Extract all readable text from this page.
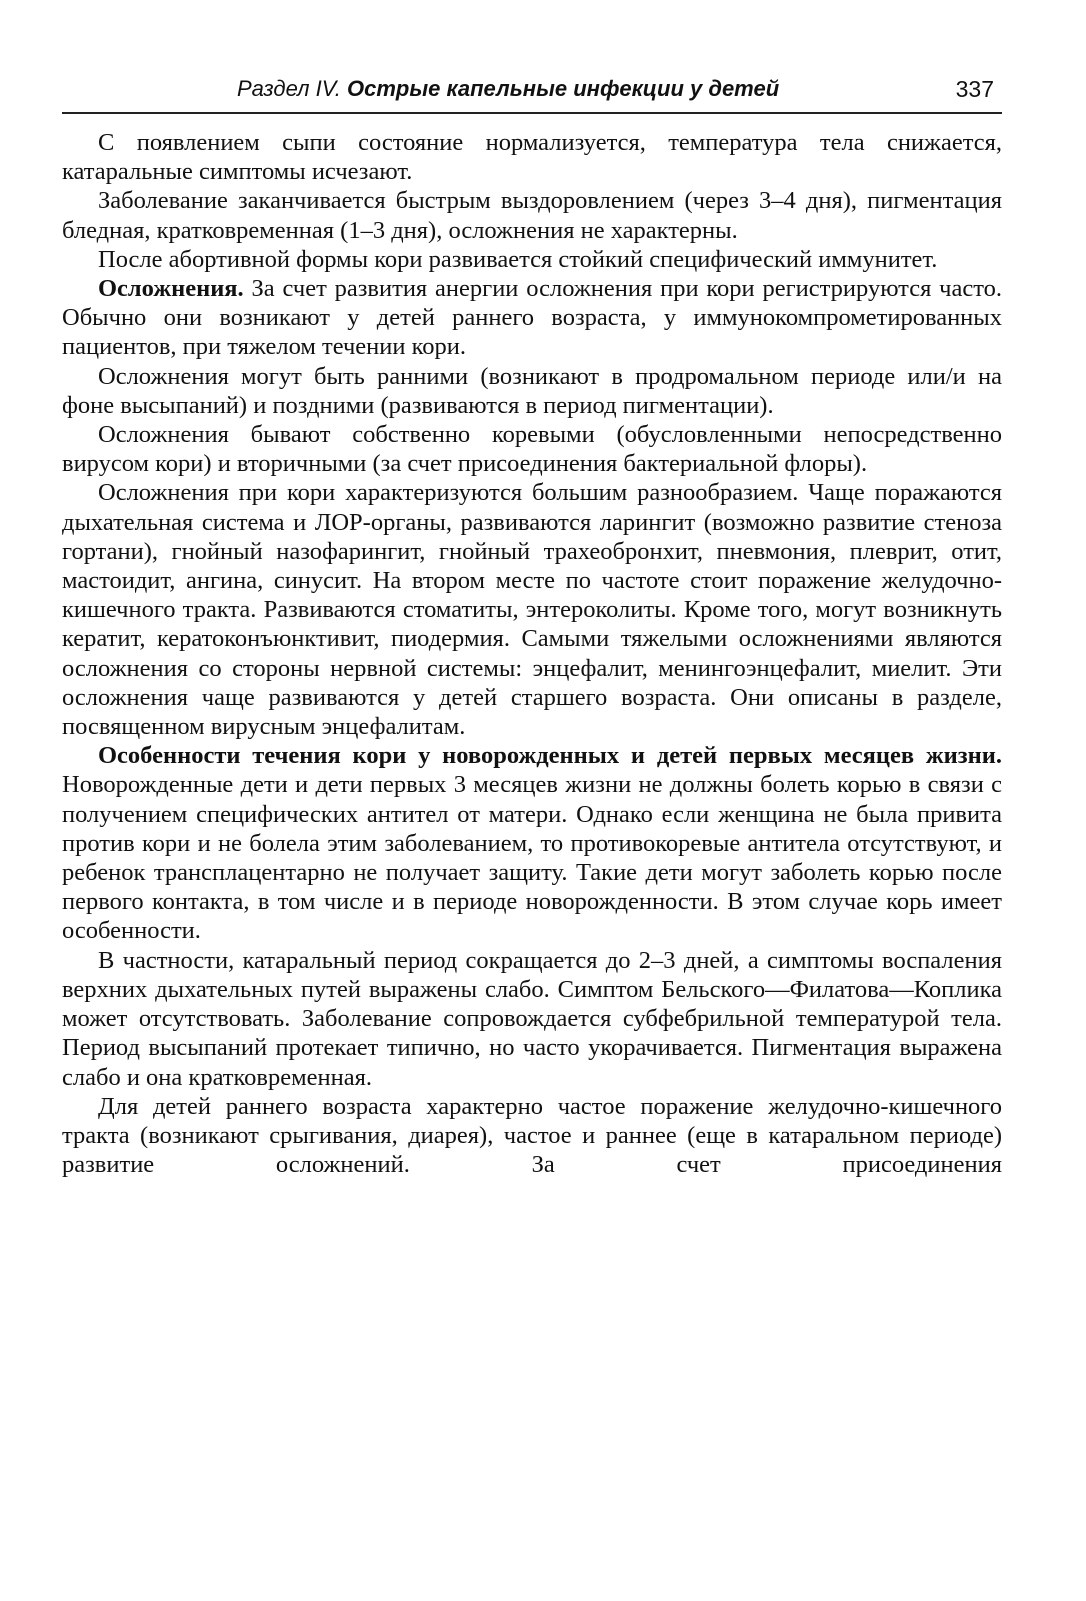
Раздел IV. Острые капельные инфекции у детей	337

С появлением сыпи состояние нормализуется, температура тела снижается, катаральные симптомы исчезают.

Заболевание заканчивается быстрым выздоровлением (через 3–4 дня), пигментация бледная, кратковременная (1–3 дня), осложнения не характерны.

После абортивной формы кори развивается стойкий специфический иммунитет.

Осложнения. За счет развития анергии осложнения при кори регистрируются часто. Обычно они возникают у детей раннего возраста, у иммунокомпрометированных пациентов, при тяжелом течении кори.

Осложнения могут быть ранними (возникают в продромальном периоде или/и на фоне высыпаний) и поздними (развиваются в период пигментации).

Осложнения бывают собственно коревыми (обусловленными непосредственно вирусом кори) и вторичными (за счет присоединения бактериальной флоры).

Осложнения при кори характеризуются большим разнообразием. Чаще поражаются дыхательная система и ЛОР-органы, развиваются ларингит (возможно развитие стеноза гортани), гнойный назофарингит, гнойный трахеобронхит, пневмония, плеврит, отит, мастоидит, ангина, синусит. На втором месте по частоте стоит поражение желудочно-кишечного тракта. Развиваются стоматиты, энтероколиты. Кроме того, могут возникнуть кератит, кератоконъюнктивит, пиодермия. Самыми тяжелыми осложнениями являются осложнения со стороны нервной системы: энцефалит, менингоэнцефалит, миелит. Эти осложнения чаще развиваются у детей старшего возраста. Они описаны в разделе, посвященном вирусным энцефалитам.

Особенности течения кори у новорожденных и детей первых месяцев жизни. Новорожденные дети и дети первых 3 месяцев жизни не должны болеть корью в связи с получением специфических антител от матери. Однако если женщина не была привита против кори и не болела этим заболеванием, то противокоревые антитела отсутствуют, и ребенок трансплацентарно не получает защиту. Такие дети могут заболеть корью после первого контакта, в том числе и в периоде новорожденности. В этом случае корь имеет особенности.

В частности, катаральный период сокращается до 2–3 дней, а симптомы воспаления верхних дыхательных путей выражены слабо. Симптом Бельского—Филатова—Коплика может отсутствовать. Заболевание сопровождается субфебрильной температурой тела. Период высыпаний протекает типично, но часто укорачивается. Пигментация выражена слабо и она кратковременная.

Для детей раннего возраста характерно частое поражение желудочно-кишечного тракта (возникают срыгивания, диарея), частое и раннее (еще в катаральном периоде) развитие осложнений. За счет присоединения
